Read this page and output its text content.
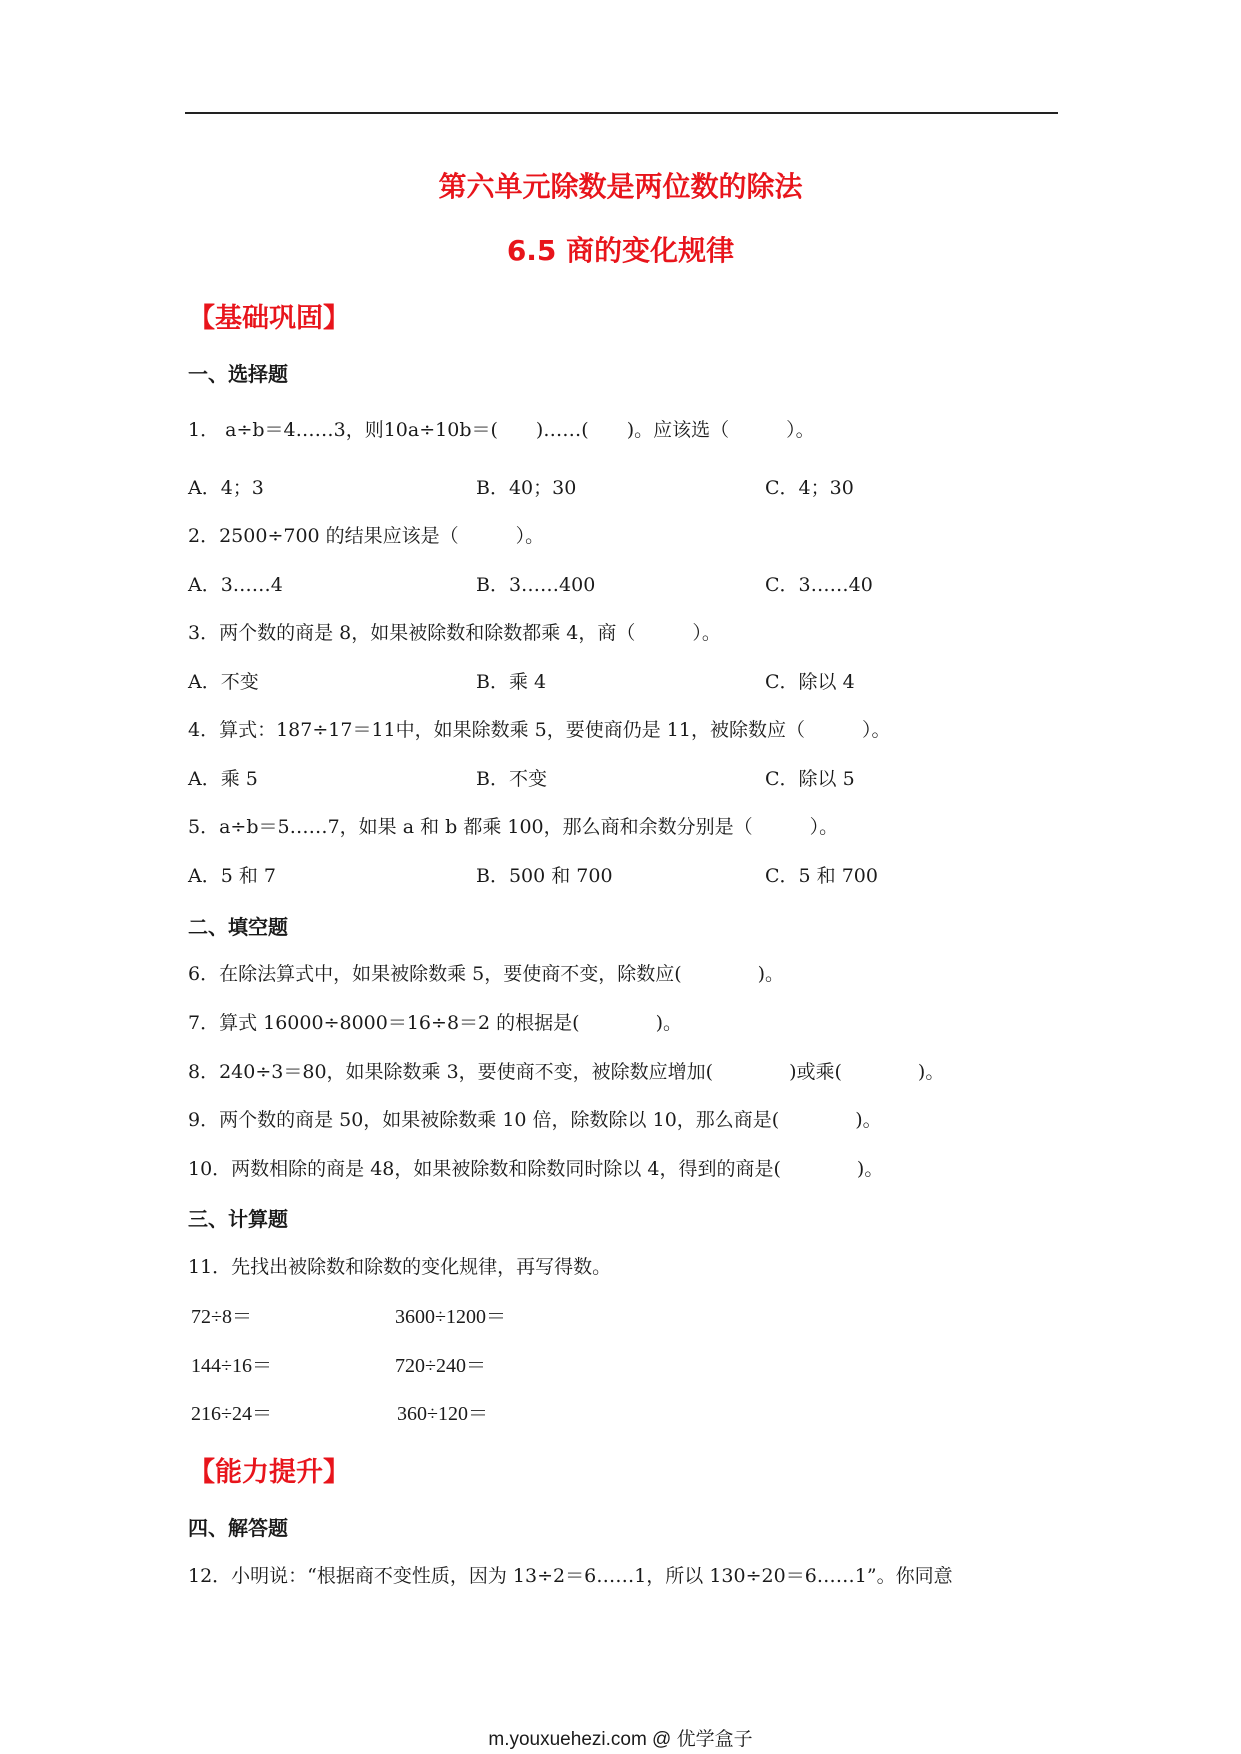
第六单元除数是两位数的除法
6.5 商的变化规律
【基础巩固】
一、选择题
1． a÷b＝4……3，则10a÷10b＝(　　)……(　　)。应该选（　　　）。
A．4；3	B．40；30	C．4；30
2．2500÷700 的结果应该是（　　　）。
A．3……4	B．3……400	C．3……40
3．两个数的商是 8，如果被除数和除数都乘 4，商（　　　）。
A．不变	B．乘 4	C．除以 4
4．算式：187÷17＝11中，如果除数乘 5，要使商仍是 11，被除数应（　　　）。
A．乘 5	B．不变	C．除以 5
5．a÷b＝5……7，如果 a 和 b 都乘 100，那么商和余数分别是（　　　）。
A．5 和 7	B．500 和 700	C．5 和 700
二、填空题
6．在除法算式中，如果被除数乘 5，要使商不变，除数应(　　　　)。
7．算式 16000÷8000＝16÷8＝2 的根据是(　　　　)。
8．240÷3＝80，如果除数乘 3，要使商不变，被除数应增加(　　　　)或乘(　　　　)。
9．两个数的商是 50，如果被除数乘 10 倍，除数除以 10，那么商是(　　　　)。
10．两数相除的商是 48，如果被除数和除数同时除以 4，得到的商是(　　　　)。
三、计算题
11．先找出被除数和除数的变化规律，再写得数。
72÷8＝	3600÷1200＝
144÷16＝	720÷240＝
216÷24＝	360÷120＝
【能力提升】
四、解答题
12．小明说：“根据商不变性质，因为 13÷2＝6……1，所以 130÷20＝6……1”。你同意
m.youxuehezi.com @ 优学盒子
